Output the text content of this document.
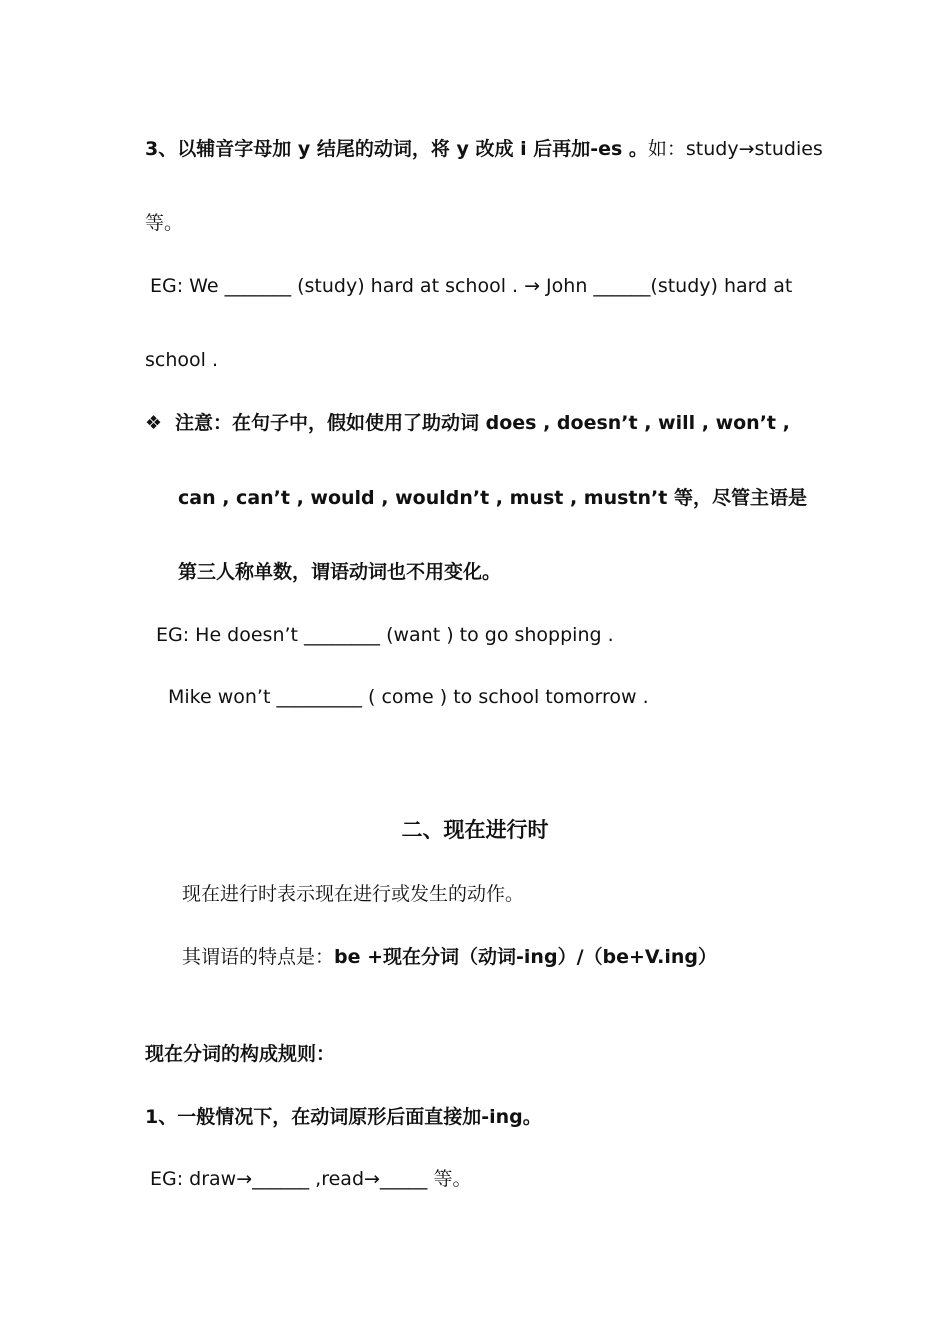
3、以辅音字母加 y 结尾的动词，将 y 改成 i 后再加-es 。如：study→studies
等。
EG: We _______ (study) hard at school . → John ______(study) hard at
school .
❖ 注意：在句子中，假如使用了助动词 does , doesn’t , will , won’t ,
can , can’t , would , wouldn’t , must , mustn’t 等，尽管主语是
第三人称单数，谓语动词也不用变化。
EG: He doesn’t ________ (want ) to go shopping .
Mike won’t _________ ( come ) to school tomorrow .
二、现在进行时
现在进行时表示现在进行或发生的动作。
其谓语的特点是：be +现在分词（动词-ing）/（be+V.ing）
现在分词的构成规则：
1、一般情况下，在动词原形后面直接加-ing。
EG: draw→______ ,read→_____ 等。
